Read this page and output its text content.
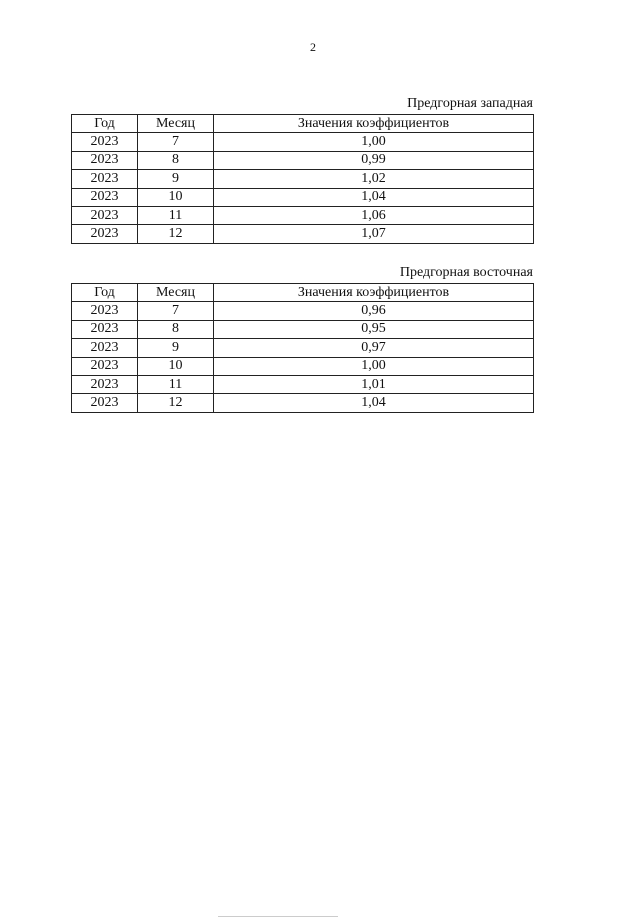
2
Предгорная западная
Год	Месяц	Значения коэффициентов
2023	7	1,00
2023	8	0,99
2023	9	1,02
2023	10	1,04
2023	11	1,06
2023	12	1,07
Предгорная восточная
Год	Месяц	Значения коэффициентов
2023	7	0,96
2023	8	0,95
2023	9	0,97
2023	10	1,00
2023	11	1,01
2023	12	1,04
